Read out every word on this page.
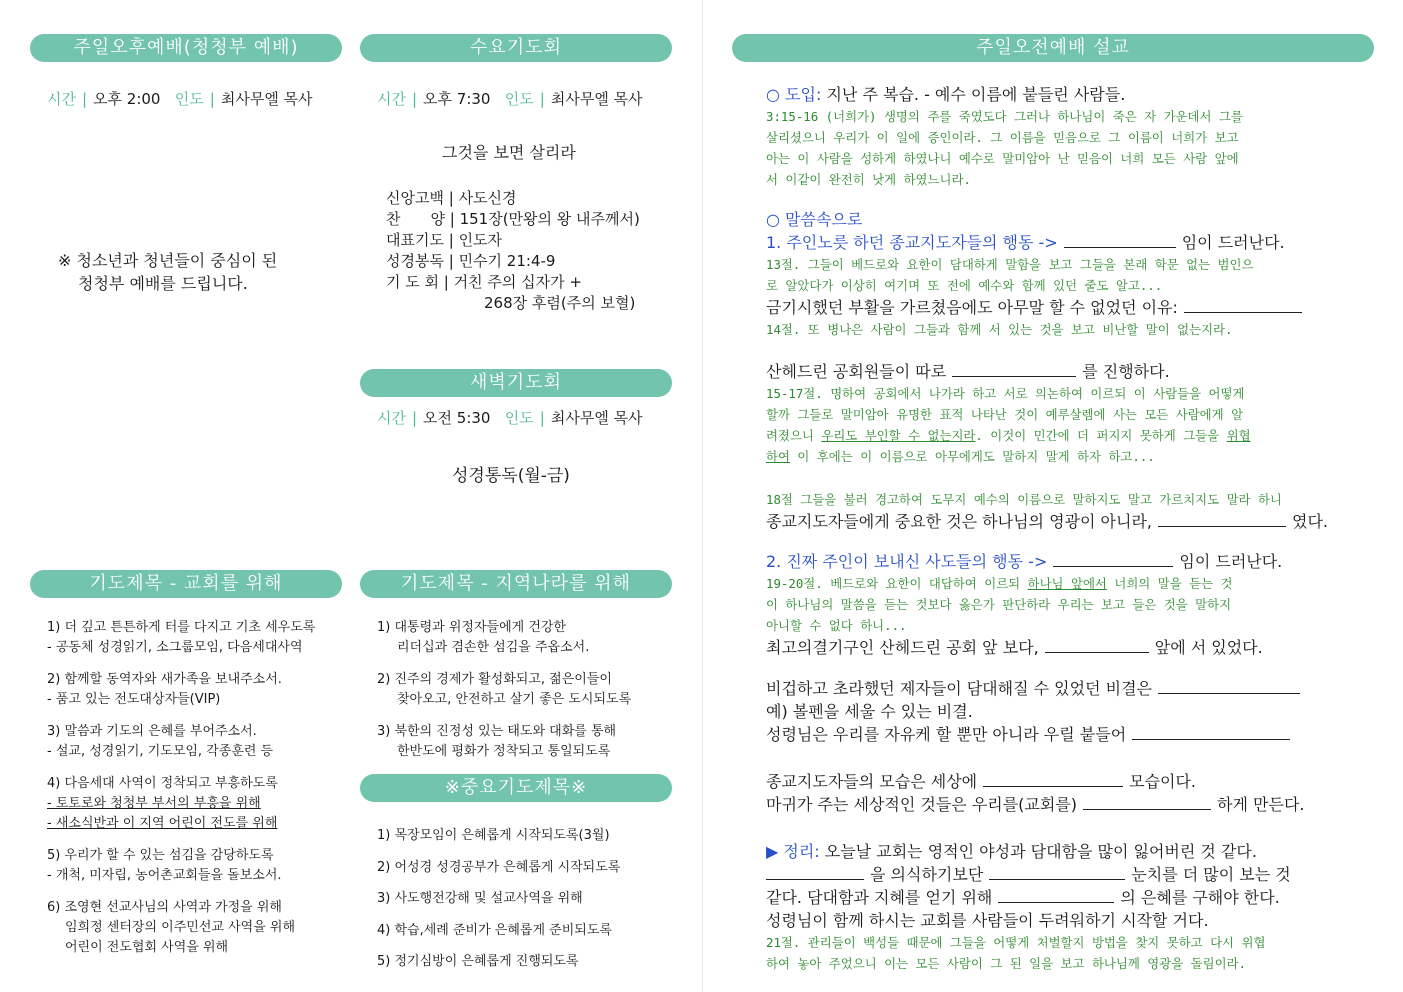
주일오후예배(청청부 예배)
시간 | 오후 2:00 인도 | 최사무엘 목사
※ 청소년과 청년들이 중심이 된
청청부 예배를 드립니다.
수요기도회
시간 | 오후 7:30 인도 | 최사무엘 목사
그것을 보면 살리라
신앙고백 | 사도신경
찬　　양 | 151장(만왕의 왕 내주께서)
대표기도 | 인도자
성경봉독 | 민수기 21:4-9
기 도 회 | 거친 주의 십자가 +
268장 후렴(주의 보혈)
새벽기도회
시간 | 오전 5:30 인도 | 최사무엘 목사
성경통독(월-금)
기도제목 - 교회를 위해
1) 더 깊고 튼튼하게 터를 다지고 기초 세우도록
- 공동체 성경읽기, 소그룹모임, 다음세대사역
2) 함께할 동역자와 새가족을 보내주소서.
- 품고 있는 전도대상자들(VIP)
3) 말씀과 기도의 은혜를 부어주소서.
- 설교, 성경읽기, 기도모임, 각종훈련 등
4) 다음세대 사역이 정착되고 부흥하도록
- 토토로와 청청부 부서의 부흥을 위해
- 새소식반과 이 지역 어린이 전도를 위해
5) 우리가 할 수 있는 섬김을 감당하도록
- 개척, 미자립, 농어촌교회들을 돌보소서.
6) 조영현 선교사님의 사역과 가정을 위해
임희정 센터장의 이주민선교 사역을 위해
어린이 전도협회 사역을 위해
기도제목 - 지역나라를 위해
1) 대통령과 위정자들에게 건강한
리더십과 겸손한 섬김을 주옵소서.
2) 진주의 경제가 활성화되고, 젊은이들이
찾아오고, 안전하고 살기 좋은 도시되도록
3) 북한의 진정성 있는 태도와 대화를 통해
한반도에 평화가 정착되고 통일되도록
※중요기도제목※
1) 목장모임이 은혜롭게 시작되도록(3월)
2) 어성경 성경공부가 은혜롭게 시작되도록
3) 사도행전강해 및 설교사역을 위해
4) 학습,세례 준비가 은혜롭게 준비되도록
5) 정기심방이 은혜롭게 진행되도록
주일오전예배 설교
○ 도입: 지난 주 복습. - 예수 이름에 붙들린 사람들.
3:15-16 (너희가) 생명의 주를 죽였도다 그러나 하나님이 죽은 자 가운데서 그를
살리셨으니 우리가 이 일에 증인이라. 그 이름을 믿음으로 그 이름이 너희가 보고
아는 이 사람을 성하게 하였나니 예수로 말미암아 난 믿음이 너희 모든 사람 앞에
서 이같이 완전히 낫게 하였느니라.
○ 말씀속으로
1. 주인노릇 하던 종교지도자들의 행동 ->	임이 드러난다.
13절. 그들이 베드로와 요한이 담대하게 말함을 보고 그들을 본래 학문 없는 범인으
로 알았다가 이상히 여기며 또 전에 예수와 함께 있던 줄도 알고...
금기시했던 부활을 가르쳤음에도 아무말 할 수 없었던 이유:
14절. 또 병나은 사람이 그들과 함께 서 있는 것을 보고 비난할 말이 없는지라.
산헤드린 공회원들이 따로	를 진행하다.
15-17절. 명하여 공회에서 나가라 하고 서로 의논하여 이르되 이 사람들을 어떻게
할까 그들로 말미암아 유명한 표적 나타난 것이 예루살렘에 사는 모든 사람에게 알
려졌으니 우리도 부인할 수 없는지라. 이것이 민간에 더 퍼지지 못하게 그들을 위협
하여 이 후에는 이 이름으로 아무에게도 말하지 말게 하자 하고...
18절 그들을 불러 경고하여 도무지 예수의 이름으로 말하지도 말고 가르치지도 말라 하니
종교지도자들에게 중요한 것은 하나님의 영광이 아니라,	였다.
2. 진짜 주인이 보내신 사도들의 행동 ->	임이 드러난다.
19-20절. 베드로와 요한이 대답하여 이르되 하나님 앞에서 너희의 말을 듣는 것
이 하나님의 말씀을 듣는 것보다 옳은가 판단하라 우리는 보고 들은 것을 말하지
아니할 수 없다 하니...
최고의결기구인 산헤드린 공회 앞 보다,	앞에 서 있었다.
비겁하고 초라했던 제자들이 담대해질 수 있었던 비결은
예) 볼펜을 세울 수 있는 비결.
성령님은 우리를 자유케 할 뿐만 아니라 우릴 붙들어
종교지도자들의 모습은 세상에	모습이다.
마귀가 주는 세상적인 것들은 우리를(교회를)	하게 만든다.
▶ 정리: 오늘날 교회는 영적인 야성과 담대함을 많이 잃어버린 것 같다.
을 의식하기보단	눈치를 더 많이 보는 것
같다. 담대함과 지혜를 얻기 위해	의 은혜를 구해야 한다.
성령님이 함께 하시는 교회를 사람들이 두려워하기 시작할 거다.
21절. 관리들이 백성들 때문에 그들을 어떻게 처벌할지 방법을 찾지 못하고 다시 위협
하여 놓아 주었으니 이는 모든 사람이 그 된 일을 보고 하나님께 영광을 돌림이라.
